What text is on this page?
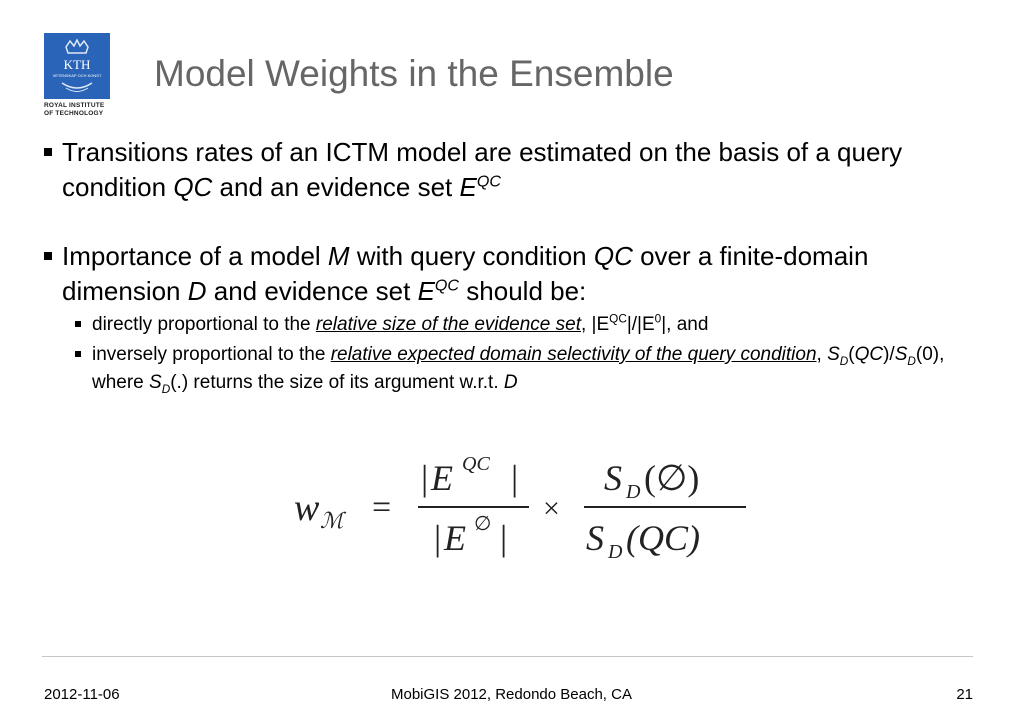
KTH
VETENSKAP OCH KONST
ROYAL INSTITUTE
OF TECHNOLOGY
Model Weights in the Ensemble
Transitions rates of an ICTM model are estimated on the basis of a query condition QC and an evidence set $E^{QC}$
Importance of a model M with query condition QC over a finite-domain dimension D and evidence set $E^{QC}$ should be:
directly proportional to the relative size of the evidence set, $|E^{QC}|/|E^0|$, and
inversely proportional to the relative expected domain selectivity of the query condition, $S_D(QC)/S_D(0)$, where $S_D(.)$ returns the size of its argument w.r.t. D
w ℳ =
| E QC |
| E ∅ |
×
S D (∅)
S D (QC)
2012-11-06	MobiGIS 2012, Redondo Beach, CA	21
